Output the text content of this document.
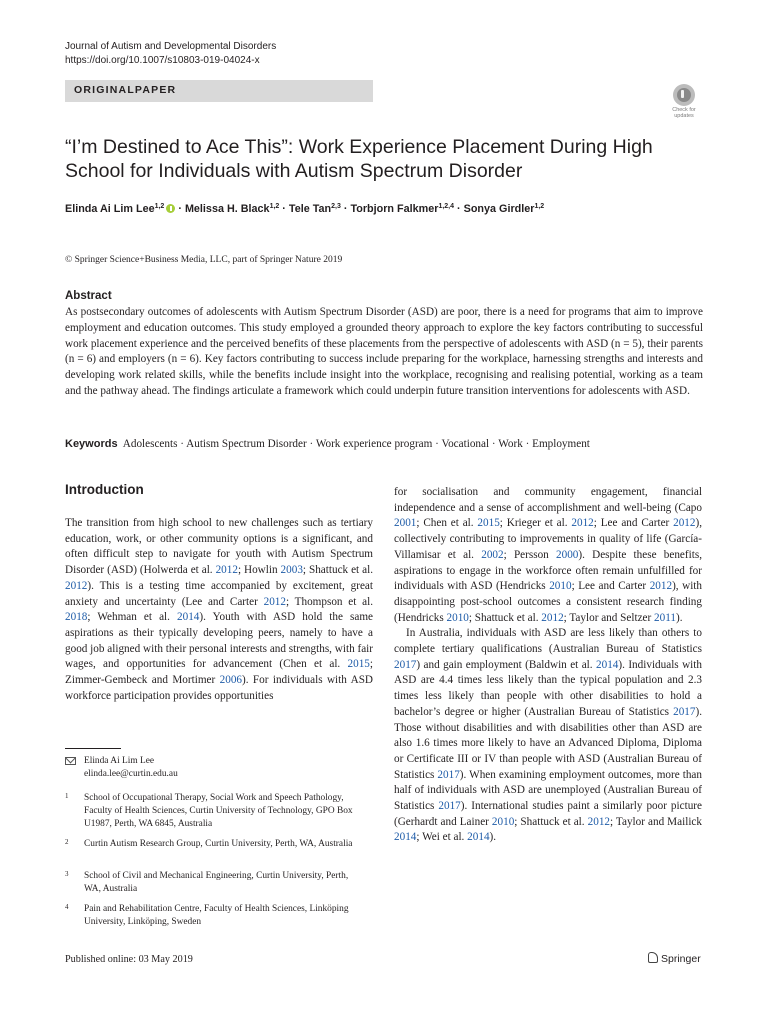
Journal of Autism and Developmental Disorders
https://doi.org/10.1007/s10803-019-04024-x
ORIGINALPAPER
Check for
updates
“I’m Destined to Ace This”: Work Experience Placement During High School for Individuals with Autism Spectrum Disorder
Elinda Ai Lim Lee$^{1,2}$ · Melissa H. Black$^{1,2}$ · Tele Tan$^{2,3}$ · Torbjorn Falkmer$^{1,2,4}$ · Sonya Girdler$^{1,2}$
© Springer Science+Business Media, LLC, part of Springer Nature 2019
Abstract
As postsecondary outcomes of adolescents with Autism Spectrum Disorder (ASD) are poor, there is a need for programs that aim to improve employment and education outcomes. This study employed a grounded theory approach to explore the key factors contributing to successful work placement experience and the perceived benefits of these placements from the perspective of adolescents with ASD (n = 5), their parents (n = 6) and employers (n = 6). Key factors contributing to success include preparing for the workplace, harnessing strengths and interests and developing work related skills, while the benefits include insight into the workplace, recognising and realising potential, working as a team and the pathway ahead. The findings articulate a framework which could underpin future transition interventions for adolescents with ASD.
Keywords Adolescents · Autism Spectrum Disorder · Work experience program · Vocational · Work · Employment
Introduction

The transition from high school to new challenges such as tertiary education, work, or other community options is a significant, and often difficult step to navigate for youth with Autism Spectrum Disorder (ASD) (Holwerda et al. 2012; Howlin 2003; Shattuck et al. 2012). This is a testing time accompanied by excitement, great anxiety and uncertainty (Lee and Carter 2012; Thompson et al. 2018; Wehman et al. 2014). Youth with ASD hold the same aspirations as their typically developing peers, namely to have a good job aligned with their personal interests and strengths, with fair wages, and opportunities for advancement (Chen et al. 2015; Zimmer-Gembeck and Mortimer 2006). For individuals with ASD workforce participation provides opportunities

for socialisation and community engagement, financial independence and a sense of accomplishment and well-being (Capo 2001; Chen et al. 2015; Krieger et al. 2012; Lee and Carter 2012), collectively contributing to improvements in quality of life (García-Villamisar et al. 2002; Persson 2000). Despite these benefits, aspirations to engage in the workforce often remain unfulfilled for individuals with ASD (Hendricks 2010; Lee and Carter 2012), with disappointing post-school outcomes a consistent research finding (Hendricks 2010; Shattuck et al. 2012; Taylor and Seltzer 2011).

In Australia, individuals with ASD are less likely than others to complete tertiary qualifications (Australian Bureau of Statistics 2017) and gain employment (Baldwin et al. 2014). Individuals with ASD are 4.4 times less likely than the typical population and 2.3 times less likely than people with other disabilities to hold a bachelor’s degree or higher (Australian Bureau of Statistics 2017). Those without disabilities and with disabilities other than ASD are also 1.6 times more likely to have an Advanced Diploma, Diploma or Certificate III or IV than people with ASD (Australian Bureau of Statistics 2017). When examining employment outcomes, more than half of individuals with ASD are unemployed (Australian Bureau of Statistics 2017). International studies paint a similarly poor picture (Gerhardt and Lainer 2010; Shattuck et al. 2012; Taylor and Mailick 2014; Wei et al. 2014).

Elinda Ai Lim Lee
elinda.lee@curtin.edu.au
1 School of Occupational Therapy, Social Work and Speech Pathology, Faculty of Health Sciences, Curtin University of Technology, GPO Box U1987, Perth, WA 6845, Australia
2 Curtin Autism Research Group, Curtin University, Perth, WA, Australia
3 School of Civil and Mechanical Engineering, Curtin University, Perth, WA, Australia
4 Pain and Rehabilitation Centre, Faculty of Health Sciences, Linköping University, Linköping, Sweden
Published online: 03 May 2019	Springer
